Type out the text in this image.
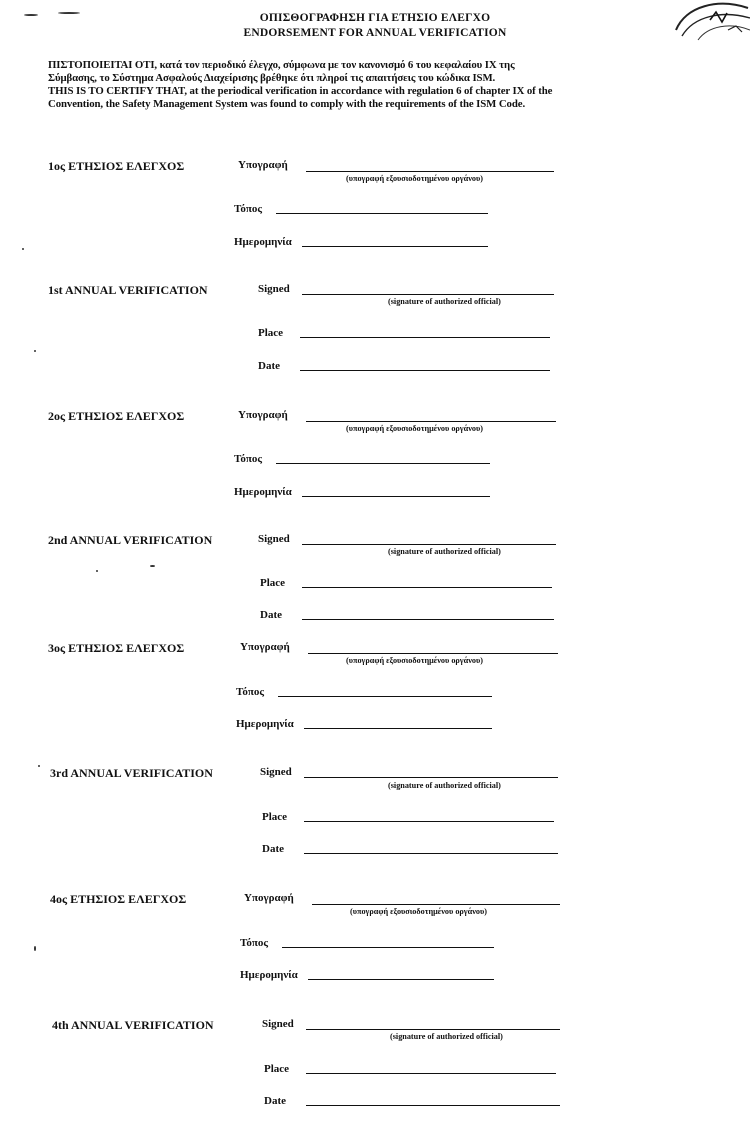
ΟΠΙΣΘΟΓΡΑΦΗΣΗ ΓΙΑ ΕΤΗΣΙΟ ΕΛΕΓΧΟ
ENDORSEMENT FOR ANNUAL VERIFICATION
ΠΙΣΤΟΠΟΙΕΙΤΑΙ ΟΤΙ, κατά τον περιοδικό έλεγχο, σύμφωνα με τον κανονισμό 6 του κεφαλαίου IX της
Σύμβασης, το Σύστημα Ασφαλούς Διαχείρισης βρέθηκε ότι πληροί τις απαιτήσεις του κώδικα ISM.
THIS IS TO CERTIFY THAT, at the periodical verification in accordance with regulation 6 of chapter IX of the
Convention, the Safety Management System was found to comply with the requirements of the ISM Code.
1ος ΕΤΗΣΙΟΣ ΕΛΕΓΧΟΣ	Υπογραφή
(υπογραφή εξουσιοδοτημένου οργάνου)
Τόπος
Ημερομηνία
1st ANNUAL VERIFICATION	Signed
(signature of authorized official)
Place
Date
2ος ΕΤΗΣΙΟΣ ΕΛΕΓΧΟΣ	Υπογραφή
(υπογραφή εξουσιοδοτημένου οργάνου)
Τόπος
Ημερομηνία
2nd ANNUAL VERIFICATION	Signed
(signature of authorized official)
Place
Date
3ος ΕΤΗΣΙΟΣ ΕΛΕΓΧΟΣ	Υπογραφή
(υπογραφή εξουσιοδοτημένου οργάνου)
Τόπος
Ημερομηνία
3rd ANNUAL VERIFICATION	Signed
(signature of authorized official)
Place
Date
4ος ΕΤΗΣΙΟΣ ΕΛΕΓΧΟΣ	Υπογραφή
(υπογραφή εξουσιοδοτημένου οργάνου)
Τόπος
Ημερομηνία
4th ANNUAL VERIFICATION	Signed
(signature of authorized official)
Place
Date
